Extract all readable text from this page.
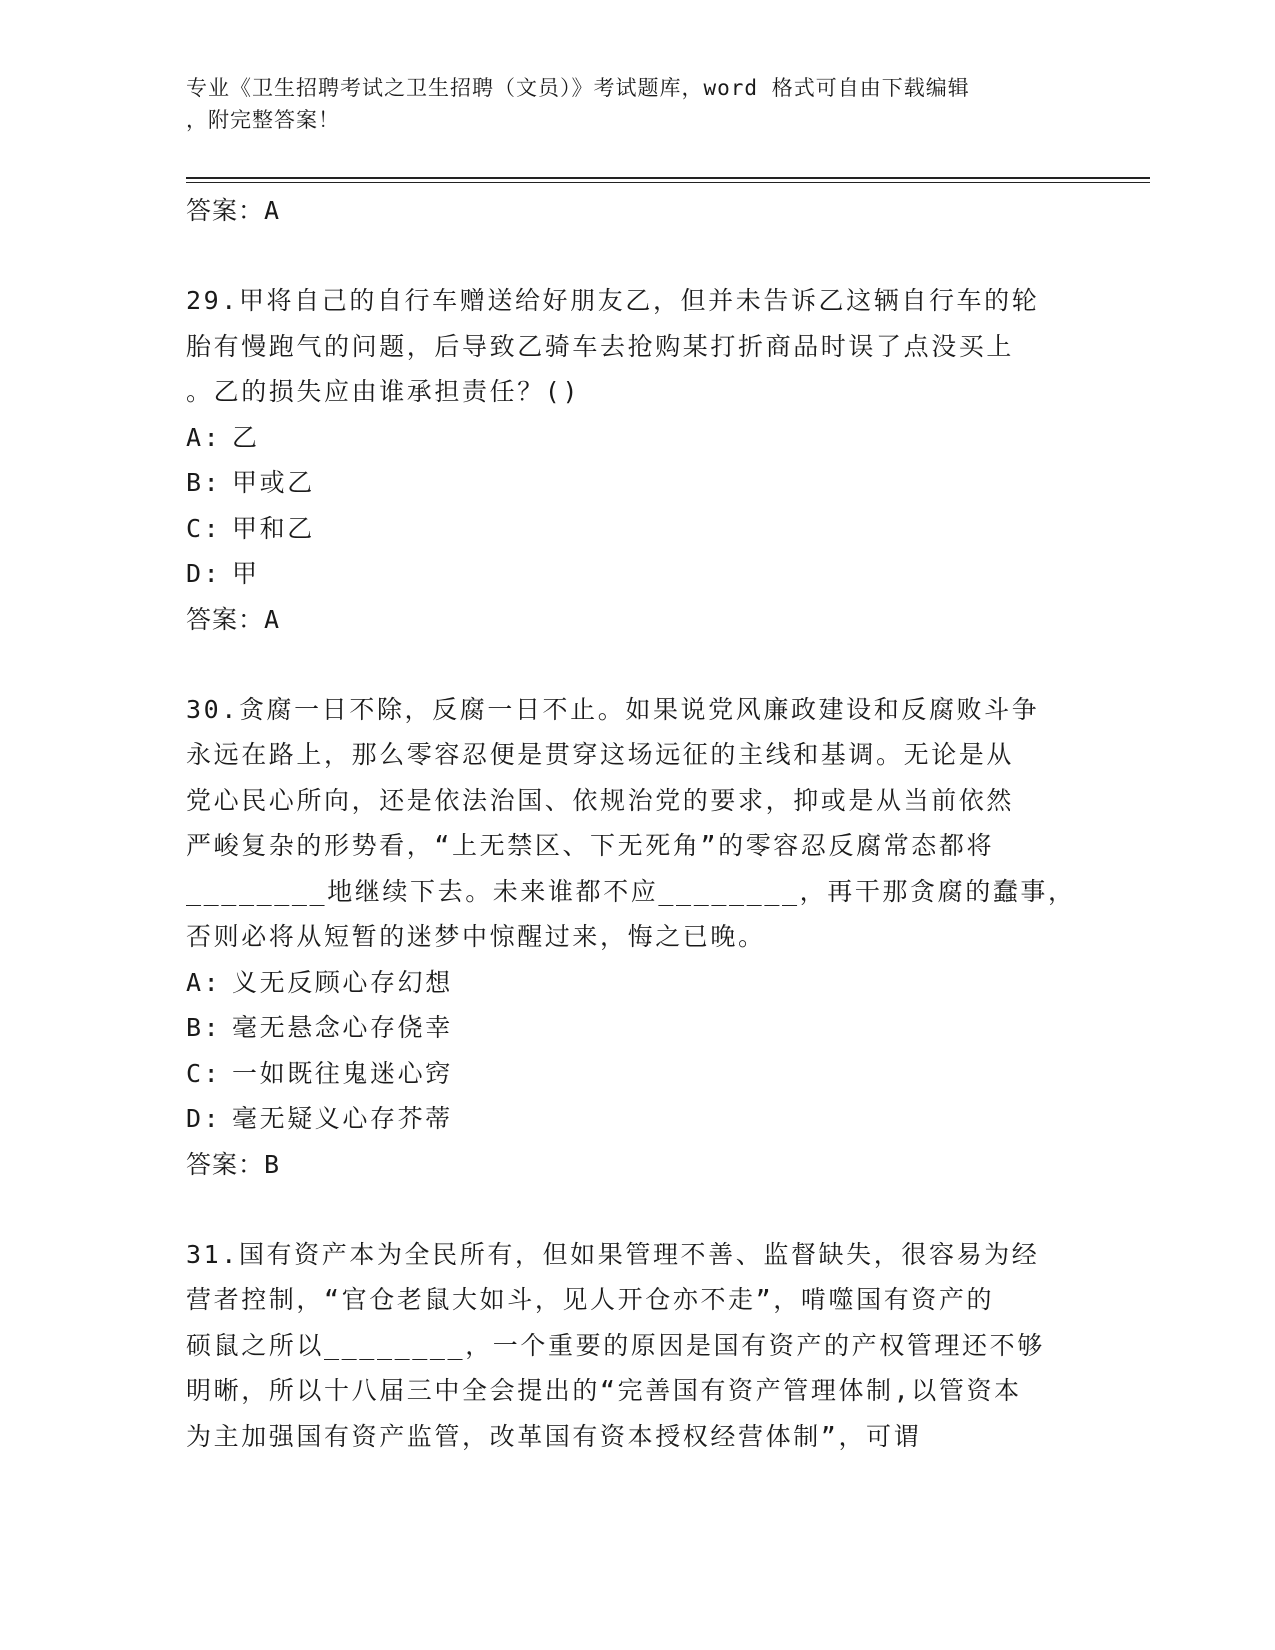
专业《卫生招聘考试之卫生招聘（文员）》考试题库，word 格式可自由下载编辑
，附完整答案！

答案：A

29.甲将自己的自行车赠送给好朋友乙，但并未告诉乙这辆自行车的轮

胎有慢跑气的问题，后导致乙骑车去抢购某打折商品时误了点没买上

。乙的损失应由谁承担责任？()

A: 乙

B: 甲或乙

C: 甲和乙

D: 甲

答案：A

30.贪腐一日不除，反腐一日不止。如果说党风廉政建设和反腐败斗争

永远在路上，那么零容忍便是贯穿这场远征的主线和基调。无论是从

党心民心所向，还是依法治国、依规治党的要求，抑或是从当前依然

严峻复杂的形势看，“上无禁区、下无死角”的零容忍反腐常态都将

________地继续下去。未来谁都不应________，再干那贪腐的蠢事，

否则必将从短暂的迷梦中惊醒过来，悔之已晚。

A: 义无反顾心存幻想

B: 毫无悬念心存侥幸

C: 一如既往鬼迷心窍

D: 毫无疑义心存芥蒂

答案：B

31.国有资产本为全民所有，但如果管理不善、监督缺失，很容易为经

营者控制，“官仓老鼠大如斗，见人开仓亦不走”，啃噬国有资产的

硕鼠之所以________，一个重要的原因是国有资产的产权管理还不够

明晰，所以十八届三中全会提出的“完善国有资产管理体制,以管资本

为主加强国有资产监管，改革国有资本授权经营体制”，可谓
